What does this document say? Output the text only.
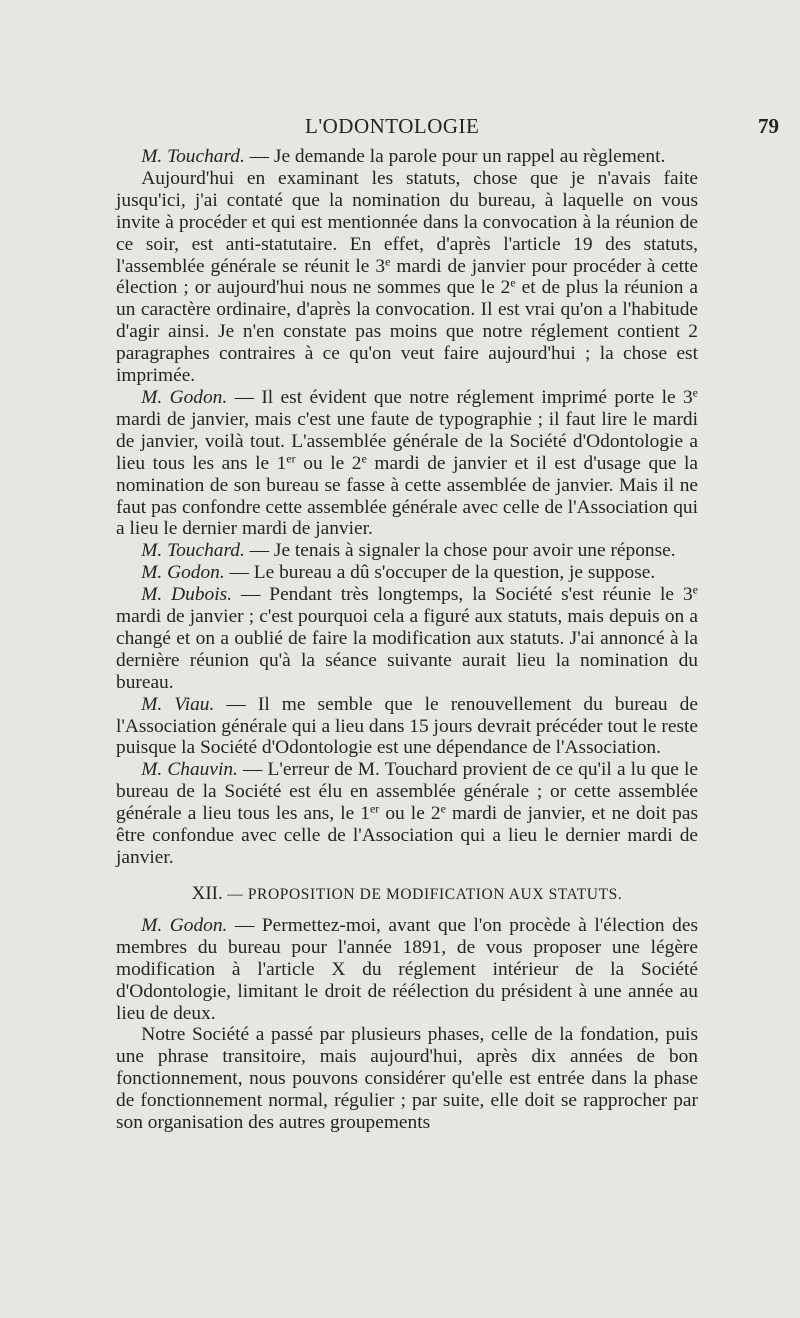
L'ODONTOLOGIE	79

M. Touchard. — Je demande la parole pour un rappel au règlement.

Aujourd'hui en examinant les statuts, chose que je n'avais faite jusqu'ici, j'ai contaté que la nomination du bureau, à laquelle on vous invite à procéder et qui est mentionnée dans la convocation à la réunion de ce soir, est anti-statutaire. En effet, d'après l'article 19 des statuts, l'assemblée générale se réunit le 3e mardi de janvier pour procéder à cette élection ; or aujourd'hui nous ne sommes que le 2e et de plus la réunion a un caractère ordinaire, d'après la convocation. Il est vrai qu'on a l'habitude d'agir ainsi. Je n'en constate pas moins que notre réglement contient 2 paragraphes contraires à ce qu'on veut faire aujourd'hui ; la chose est imprimée.

M. Godon. — Il est évident que notre réglement imprimé porte le 3e mardi de janvier, mais c'est une faute de typographie ; il faut lire le mardi de janvier, voilà tout. L'assemblée générale de la Société d'Odontologie a lieu tous les ans le 1er ou le 2e mardi de janvier et il est d'usage que la nomination de son bureau se fasse à cette assemblée de janvier. Mais il ne faut pas confondre cette assemblée générale avec celle de l'Association qui a lieu le dernier mardi de janvier.

M. Touchard. — Je tenais à signaler la chose pour avoir une réponse.

M. Godon. — Le bureau a dû s'occuper de la question, je suppose.

M. Dubois. — Pendant très longtemps, la Société s'est réunie le 3e mardi de janvier ; c'est pourquoi cela a figuré aux statuts, mais depuis on a changé et on a oublié de faire la modification aux statuts. J'ai annoncé à la dernière réunion qu'à la séance suivante aurait lieu la nomination du bureau.

M. Viau. — Il me semble que le renouvellement du bureau de l'Association générale qui a lieu dans 15 jours devrait précéder tout le reste puisque la Société d'Odontologie est une dépendance de l'Association.

M. Chauvin. — L'erreur de M. Touchard provient de ce qu'il a lu que le bureau de la Société est élu en assemblée générale ; or cette assemblée générale a lieu tous les ans, le 1er ou le 2e mardi de janvier, et ne doit pas être confondue avec celle de l'Association qui a lieu le dernier mardi de janvier.

XII. — PROPOSITION DE MODIFICATION AUX STATUTS.

M. Godon. — Permettez-moi, avant que l'on procède à l'élection des membres du bureau pour l'année 1891, de vous proposer une légère modification à l'article X du réglement intérieur de la Société d'Odontologie, limitant le droit de réélection du président à une année au lieu de deux.

Notre Société a passé par plusieurs phases, celle de la fondation, puis une phrase transitoire, mais aujourd'hui, après dix années de bon fonctionnement, nous pouvons considérer qu'elle est entrée dans la phase de fonctionnement normal, régulier ; par suite, elle doit se rapprocher par son organisation des autres groupements
